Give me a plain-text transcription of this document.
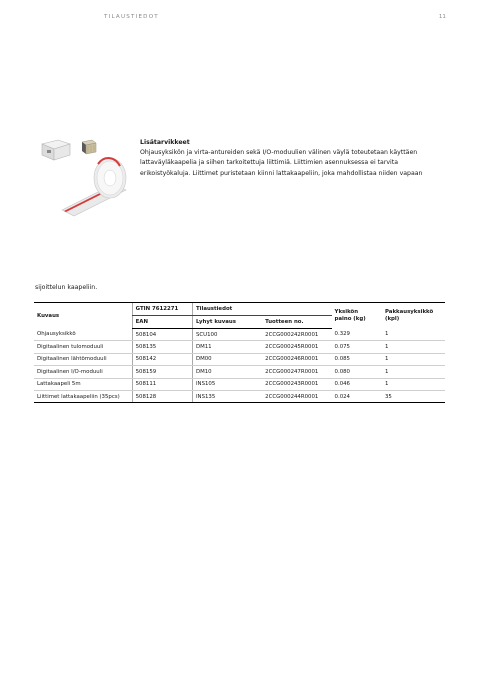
TILAUSTIEDOT	11
Lisätarvikkeet
Ohjausyksikön ja virta-antureiden sekä I/O-moduulien välinen väylä toteutetaan käyttäen lattaväyläkaapelia ja siihen tarkoitettuja liittimiä. Liittimien asennuksessa ei tarvita erikoistyökaluja. Liittimet puristetaan kiinni lattakaapeliin, joka mahdollistaa niiden vapaan
sijoittelun kaapeliin.
Kuvaus	GTIN 7612271	Tilaustiedot		Yksikön paino (kg)	Pakkausyksikkö (kpl)

	EAN	Lyhyt kuvaus	Tuotteen no.		
Ohjausyksikkö	508104	SCU100	2CCG000242R0001	0.329	1
Digitaalinen tulomoduuli	508135	DM11	2CCG000245R0001	0.075	1
Digitaalinen lähtömoduuli	508142	DM00	2CCG000246R0001	0.085	1
Digitaalinen I/O-moduuli	508159	DM10	2CCG000247R0001	0.080	1
Lattakaapeli 5m	508111	INS105	2CCG000243R0001	0.046	1
Liittimet lattakaapeliin (35pcs)	508128	INS135	2CCG000244R0001	0.024	35
